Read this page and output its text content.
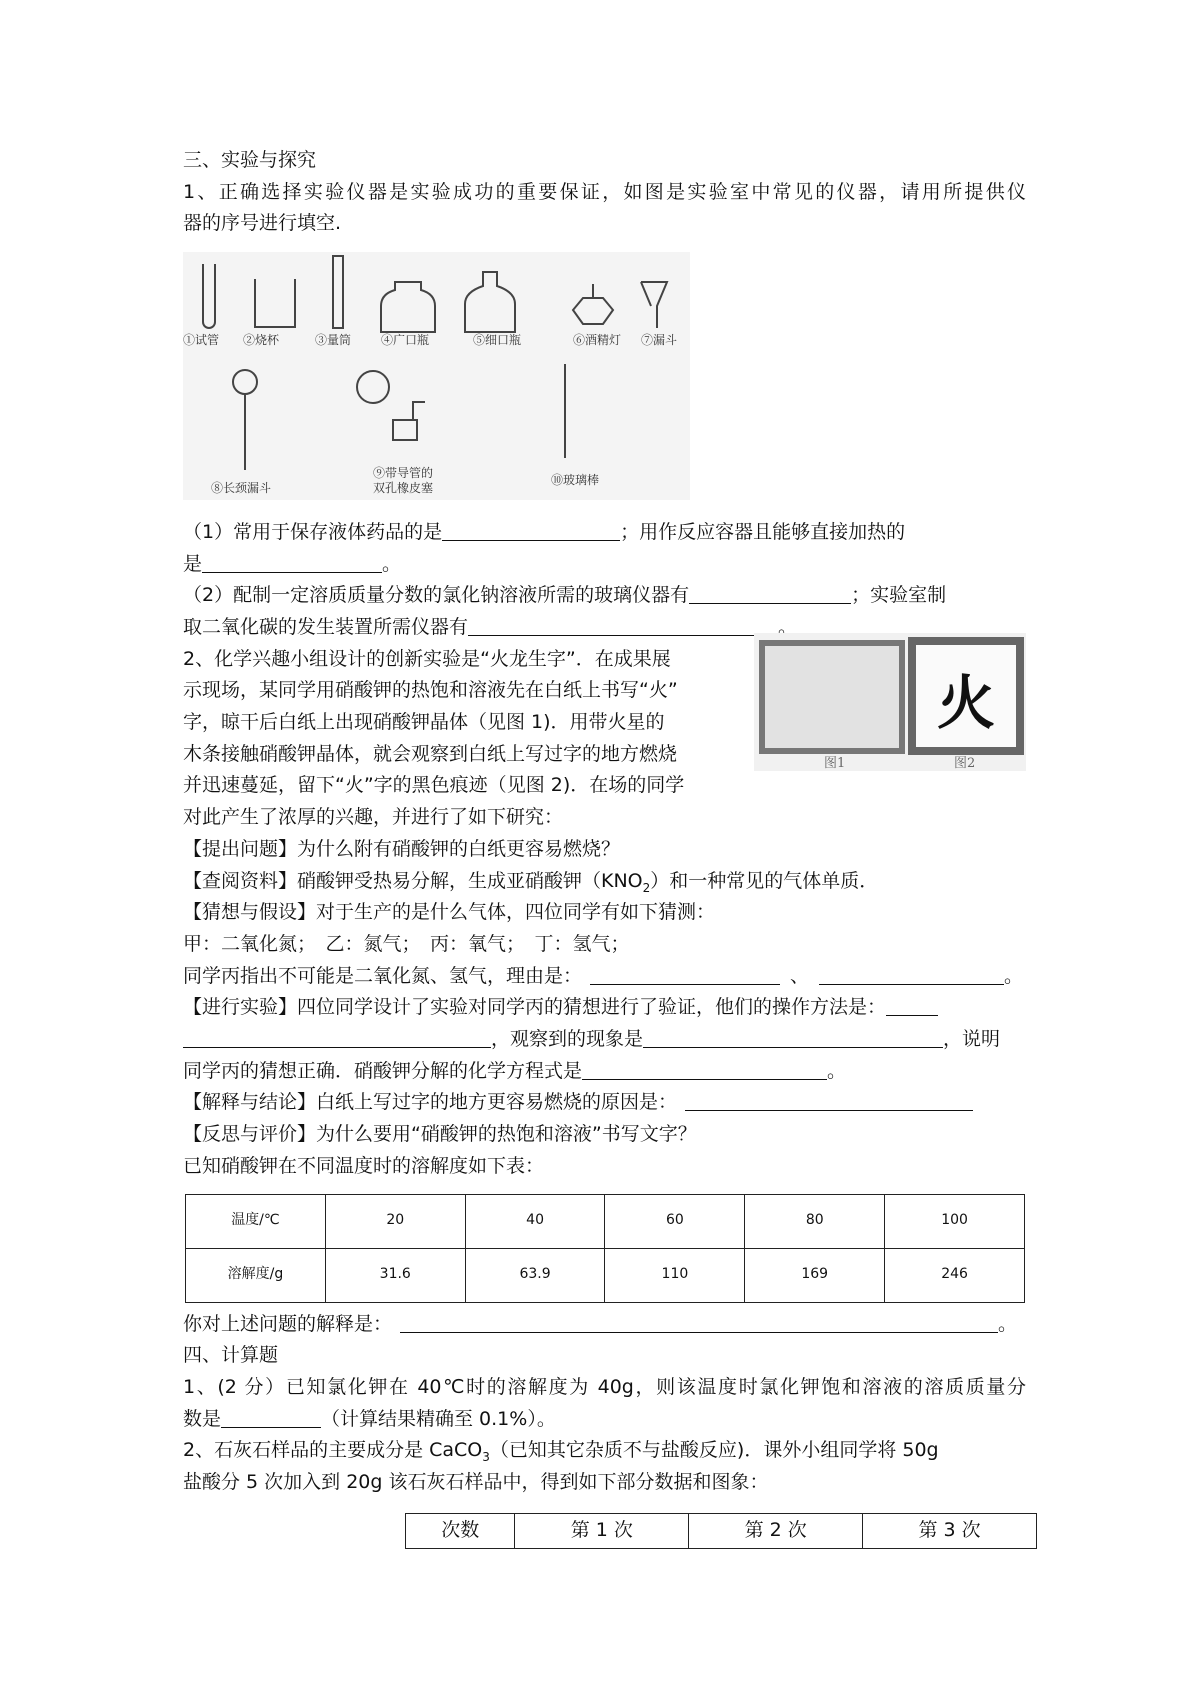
三、实验与探究
1、正确选择实验仪器是实验成功的重要保证，如图是实验室中常见的仪器，请用所提供仪
器的序号进行填空.
①试管 ②烧杯	③量筒 ④广口瓶	⑤细口瓶	⑥酒精灯 ⑦漏斗
⑧长颈漏斗
⑨带导管的
双孔橡皮塞
⑩玻璃棒
（1）常用于保存液体药品的是	；用作反应容器且能够直接加热的
是	。
（2）配制一定溶质质量分数的氯化钠溶液所需的玻璃仪器有	；实验室制
取二氧化碳的发生装置所需仪器有	。
2、化学兴趣小组设计的创新实验是“火龙生字”．在成果展
示现场，某同学用硝酸钾的热饱和溶液先在白纸上书写“火”
字，晾干后白纸上出现硝酸钾晶体（见图 1)．用带火星的
木条接触硝酸钾晶体，就会观察到白纸上写过字的地方燃烧
并迅速蔓延，留下“火”字的黑色痕迹（见图 2)．在场的同学
对此产生了浓厚的兴趣，并进行了如下研究：
火
图1	图2
【提出问题】为什么附有硝酸钾的白纸更容易燃烧？
【查阅资料】硝酸钾受热易分解，生成亚硝酸钾$(KNO_2)$和一种常见的气体单质．
【猜想与假设】对于生产的是什么气体，四位同学有如下猜测：
甲：二氧化氮；　乙：氮气；　丙：氧气；　丁：氢气；
同学丙指出不可能是二氧化氮、氢气，理由是：	、	。
【进行实验】四位同学设计了实验对同学丙的猜想进行了验证，他们的操作方法是：
，观察到的现象是	，说明
同学丙的猜想正确．硝酸钾分解的化学方程式是	。
【解释与结论】白纸上写过字的地方更容易燃烧的原因是：
【反思与评价】为什么要用“硝酸钾的热饱和溶液”书写文字？
已知硝酸钾在不同温度时的溶解度如下表：
温度/℃	20	40	60	80	100
溶解度/g	31.6	63.9	110	169	246
你对上述问题的解释是：	。
四、计算题
1、(2 分）已知氯化钾在 40℃时的溶解度为 40g，则该温度时氯化钾饱和溶液的溶质质量分
数是	（计算结果精确至 0.1%）。
2、石灰石样品的主要成分是 CaCO$_3$（已知其它杂质不与盐酸反应)．课外小组同学将 50g
盐酸分 5 次加入到 20g 该石灰石样品中，得到如下部分数据和图象：
次数	第 1 次	第 2 次	第 3 次
